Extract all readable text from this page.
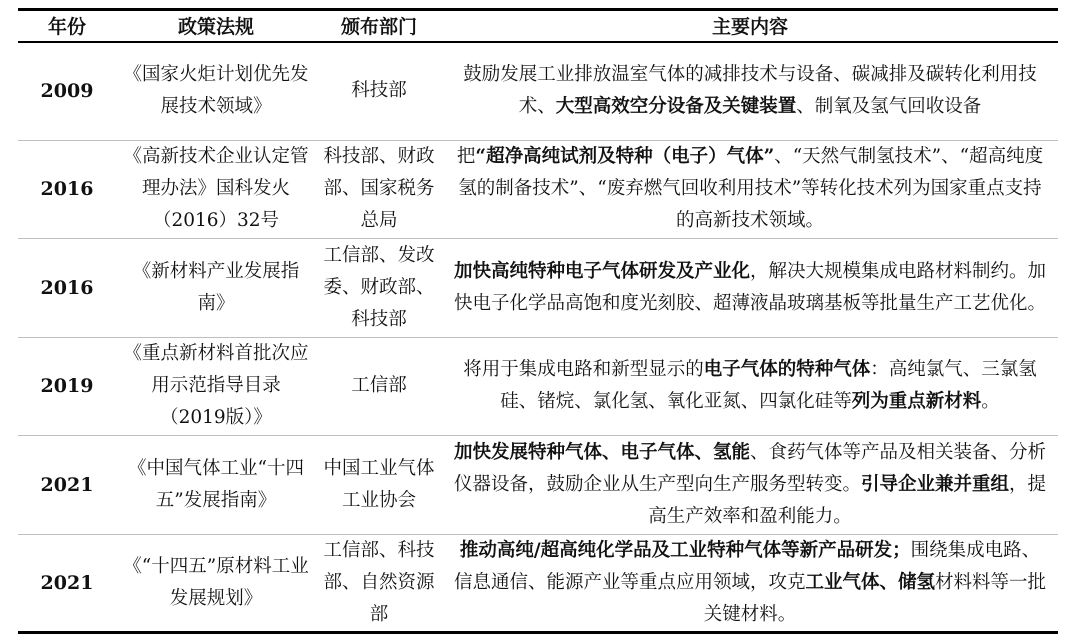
年份	政策法规	颁布部门	主要内容
2009	《国家火炬计划优先发展技术领域》	科技部	鼓励发展工业排放温室气体的减排技术与设备、碳减排及碳转化利用技术、大型高效空分设备及关键装置、制氧及氢气回收设备
2016	《高新技术企业认定管理办法》国科发火（2016）32号	科技部、财政部、国家税务总局	把“超净高纯试剂及特种（电子）气体”、“天然气制氢技术”、“超高纯度氢的制备技术”、“废弃燃气回收利用技术”等转化技术列为国家重点支持的高新技术领域。
2016	《新材料产业发展指南》	工信部、发改委、财政部、科技部	加快高纯特种电子气体研发及产业化，解决大规模集成电路材料制约。加快电子化学品高饱和度光刻胶、超薄液晶玻璃基板等批量生产工艺优化。
2019	《重点新材料首批次应用示范指导目录（2019版）》	工信部	将用于集成电路和新型显示的电子气体的特种气体：高纯氯气、三氯氢硅、锗烷、氯化氢、氧化亚氮、四氯化硅等列为重点新材料。
2021	《中国气体工业“十四五”发展指南》	中国工业气体工业协会	加快发展特种气体、电子气体、氢能、食药气体等产品及相关装备、分析仪器设备，鼓励企业从生产型向生产服务型转变。引导企业兼并重组，提高生产效率和盈利能力。
2021	《“十四五”原材料工业发展规划》	工信部、科技部、自然资源部	推动高纯/超高纯化学品及工业特种气体等新产品研发；围绕集成电路、信息通信、能源产业等重点应用领域，攻克工业气体、储氢材料料等一批关键材料。
